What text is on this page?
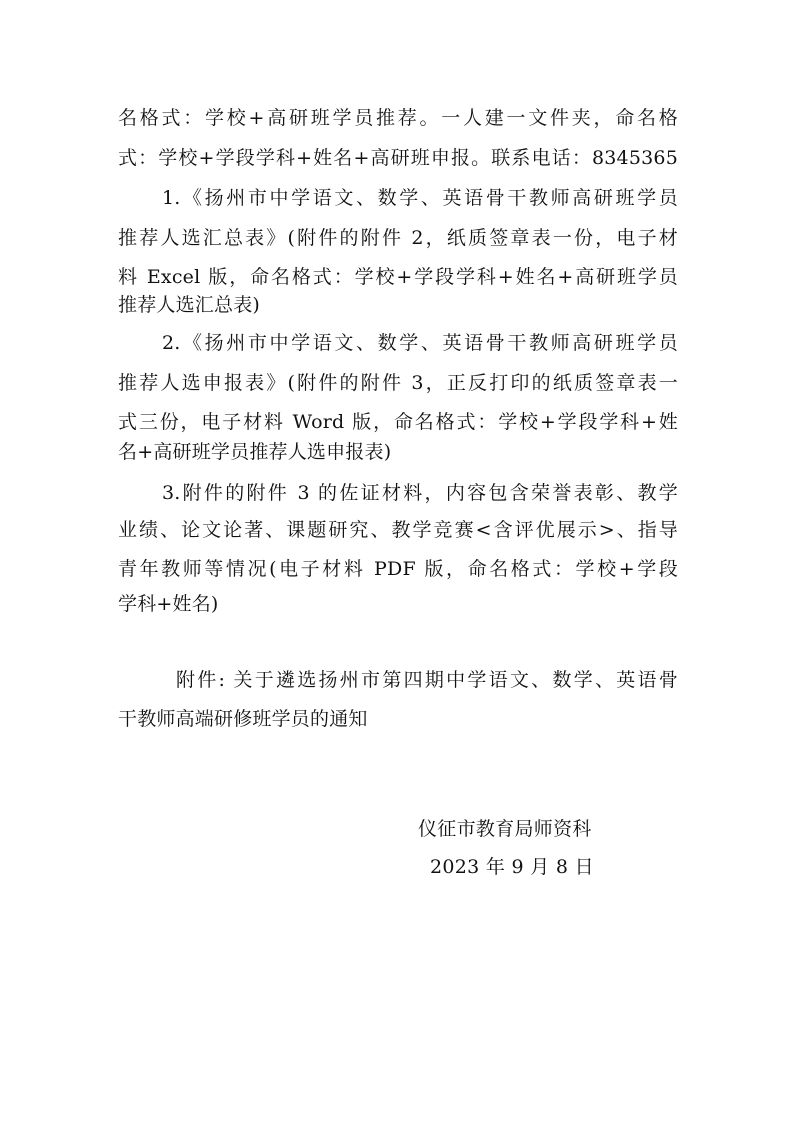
名格式：学校+高研班学员推荐。一人建一文件夹，命名格
式：学校+学段学科+姓名+高研班申报。联系电话：8345365
1.《扬州市中学语文、数学、英语骨干教师高研班学员
推荐人选汇总表》(附件的附件 2，纸质签章表一份，电子材
料 Excel 版，命名格式：学校+学段学科+姓名+高研班学员
推荐人选汇总表)
2.《扬州市中学语文、数学、英语骨干教师高研班学员
推荐人选申报表》(附件的附件 3，正反打印的纸质签章表一
式三份，电子材料 Word 版，命名格式：学校+学段学科+姓
名+高研班学员推荐人选申报表)
3.附件的附件 3 的佐证材料，内容包含荣誉表彰、教学
业绩、论文论著、课题研究、教学竞赛<含评优展示>、指导
青年教师等情况(电子材料 PDF 版，命名格式：学校+学段
学科+姓名)
附件: 关于遴选扬州市第四期中学语文、数学、英语骨
干教师高端研修班学员的通知
仪征市教育局师资科
2023 年 9 月 8 日
